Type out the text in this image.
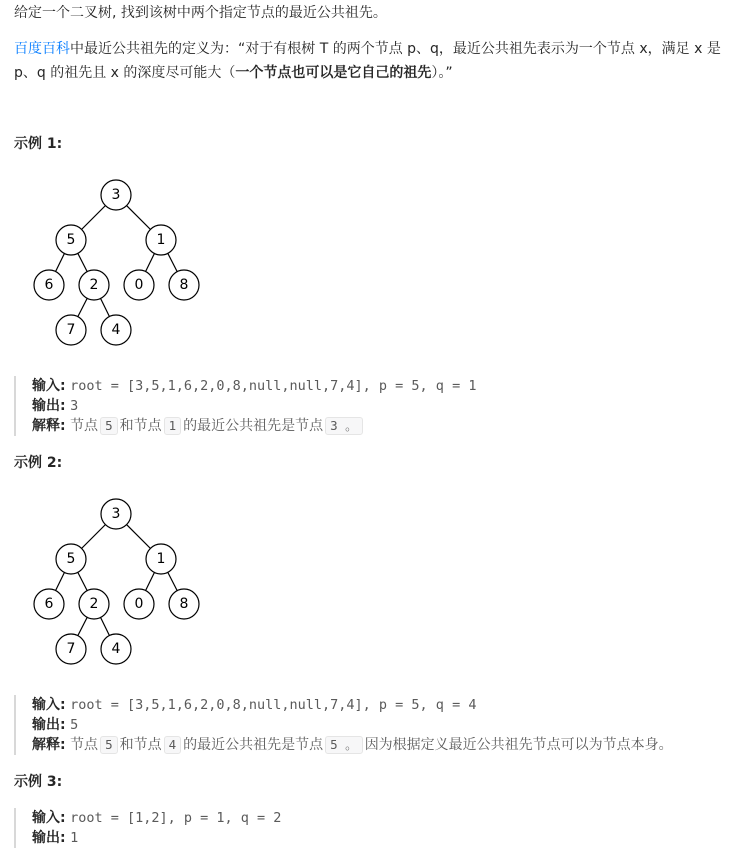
给定一个二叉树, 找到该树中两个指定节点的最近公共祖先。

百度百科中最近公共祖先的定义为：“对于有根树 T 的两个节点 p、q，最近公共祖先表示为一个节点 x，满足 x 是

p、q 的祖先且 x 的深度尽可能大（一个节点也可以是它自己的祖先）。”

示例 1:
3
5	1
6	2	0	8
7	4
输入: root = [3,5,1,6,2,0,8,null,null,7,4], p = 5, q = 1
输出: 3
解释: 节点 5 和节点 1 的最近公共祖先是节点 3 。
示例 2:
3
5	1
6	2	0	8
7	4
输入: root = [3,5,1,6,2,0,8,null,null,7,4], p = 5, q = 4
输出: 5
解释: 节点 5 和节点 4 的最近公共祖先是节点 5 。 因为根据定义最近公共祖先节点可以为节点本身。
示例 3:
输入: root = [1,2], p = 1, q = 2
输出: 1
